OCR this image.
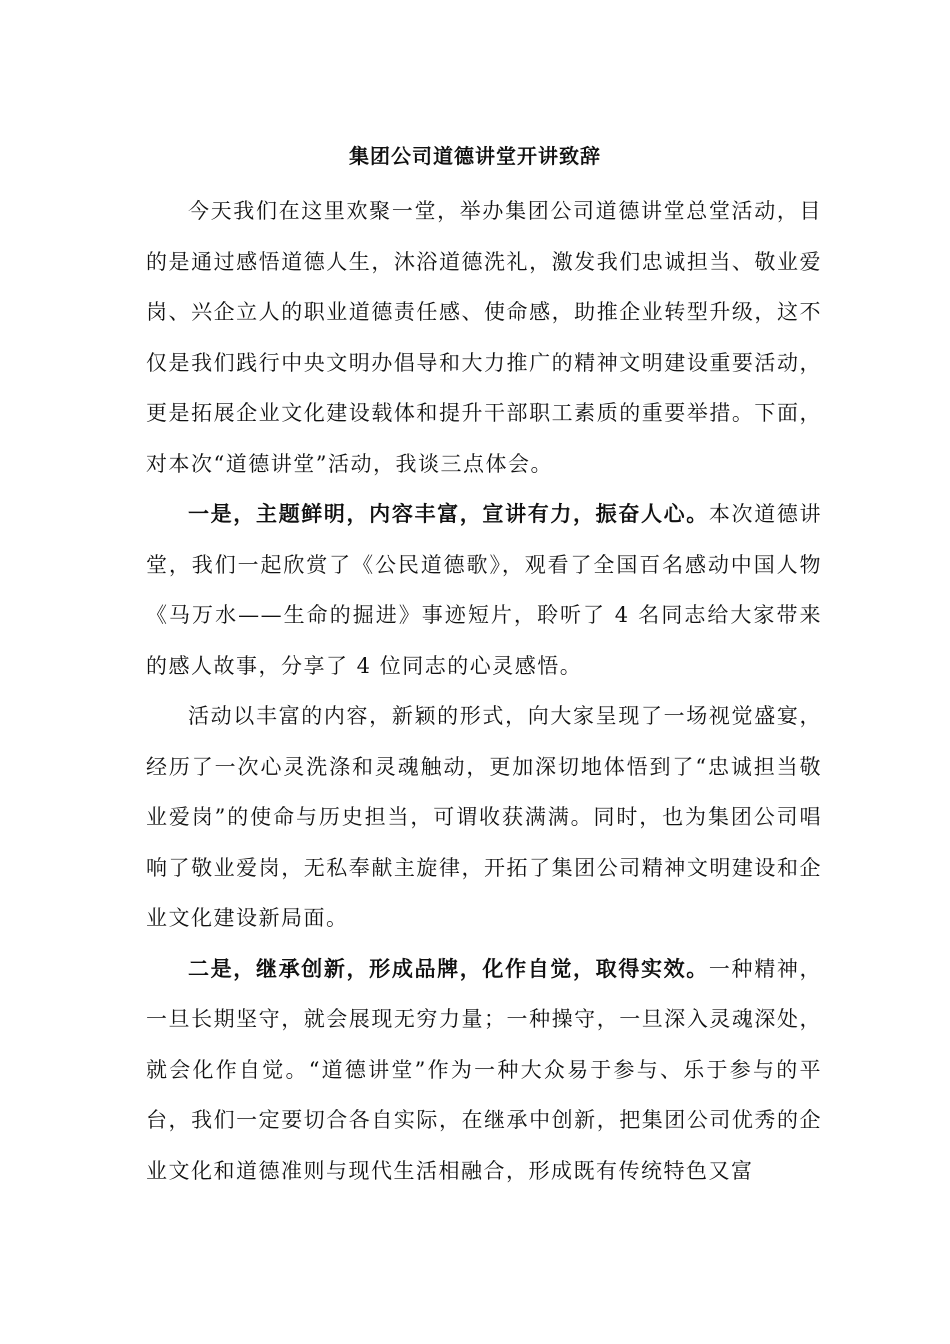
集团公司道德讲堂开讲致辞

今天我们在这里欢聚一堂，举办集团公司道德讲堂总堂活动，目的是通过感悟道德人生，沐浴道德洗礼，激发我们忠诚担当、敬业爱岗、兴企立人的职业道德责任感、使命感，助推企业转型升级，这不仅是我们践行中央文明办倡导和大力推广的精神文明建设重要活动，更是拓展企业文化建设载体和提升干部职工素质的重要举措。下面，对本次“道德讲堂”活动，我谈三点体会。

一是，主题鲜明，内容丰富，宣讲有力，振奋人心。本次道德讲堂，我们一起欣赏了《公民道德歌》，观看了全国百名感动中国人物《马万水——生命的掘进》事迹短片，聆听了 4 名同志给大家带来的感人故事，分享了 4 位同志的心灵感悟。

活动以丰富的内容，新颖的形式，向大家呈现了一场视觉盛宴，经历了一次心灵洗涤和灵魂触动，更加深切地体悟到了“忠诚担当敬业爱岗”的使命与历史担当，可谓收获满满。同时，也为集团公司唱响了敬业爱岗，无私奉献主旋律，开拓了集团公司精神文明建设和企业文化建设新局面。

二是，继承创新，形成品牌，化作自觉，取得实效。一种精神，一旦长期坚守，就会展现无穷力量；一种操守，一旦深入灵魂深处，就会化作自觉。“道德讲堂”作为一种大众易于参与、乐于参与的平台，我们一定要切合各自实际，在继承中创新，把集团公司优秀的企业文化和道德准则与现代生活相融合，形成既有传统特色又富
